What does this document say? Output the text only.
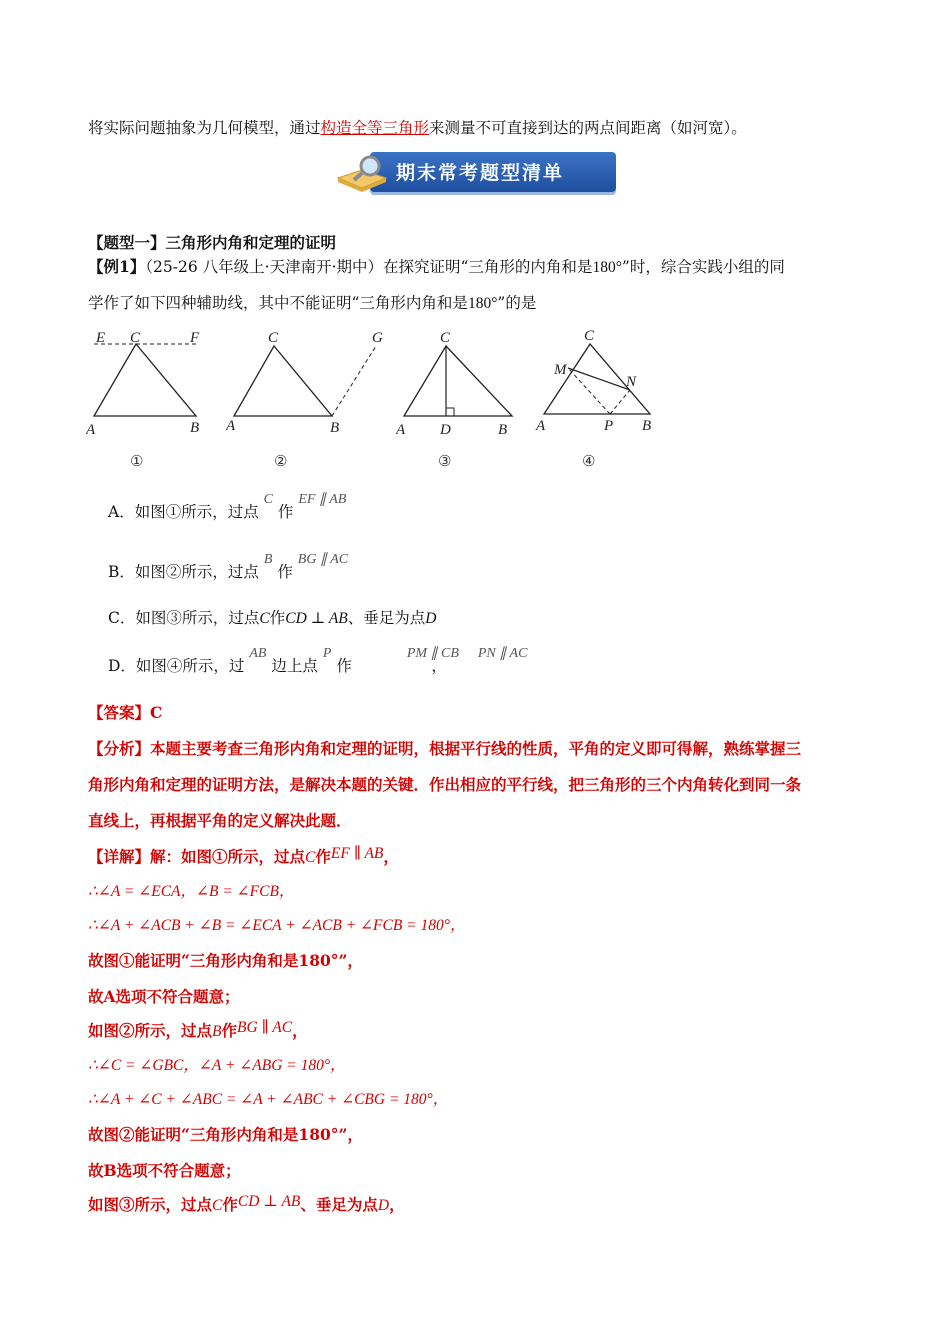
将实际问题抽象为几何模型，通过构造全等三角形来测量不可直接到达的两点间距离（如河宽）。
期末常考题型清单
【题型一】三角形内角和定理的证明
【例1】（25-26 八年级上·天津南开·期中）在探究证明“三角形的内角和是180°”时，综合实践小组的同
学作了如下四种辅助线，其中不能证明“三角形内角和是180°”的是
E C	F
A	B
C	G
A	B
C
A D	B
C
M
N
A	P B
①	②	③	④
A．如图①所示，过点 C 作 EF ∥ AB
B．如图②所示，过点 B 作 BG ∥ AC
C．如图③所示，过点C作CD ⊥ AB、垂足为点D
D．如图④所示，过 AB 边上点 P 作 PM ∥ CB PN ∥ AC，
【答案】C
【分析】本题主要考查三角形内角和定理的证明，根据平行线的性质，平角的定义即可得解，熟练掌握三
角形内角和定理的证明方法，是解决本题的关键．作出相应的平行线，把三角形的三个内角转化到同一条
直线上，再根据平角的定义解决此题．
【详解】解：如图①所示，过点C作EF ∥ AB，
∴∠A = ∠ECA，∠B = ∠FCB，
∴∠A + ∠ACB + ∠B = ∠ECA + ∠ACB + ∠FCB = 180°，
故图①能证明“三角形内角和是180°”，
故A选项不符合题意；
如图②所示，过点B作BG ∥ AC，
∴∠C = ∠GBC，∠A + ∠ABG = 180°，
∴∠A + ∠C + ∠ABC = ∠A + ∠ABC + ∠CBG = 180°，
故图②能证明“三角形内角和是180°”，
故B选项不符合题意；
如图③所示，过点C作CD ⊥ AB、垂足为点D，
